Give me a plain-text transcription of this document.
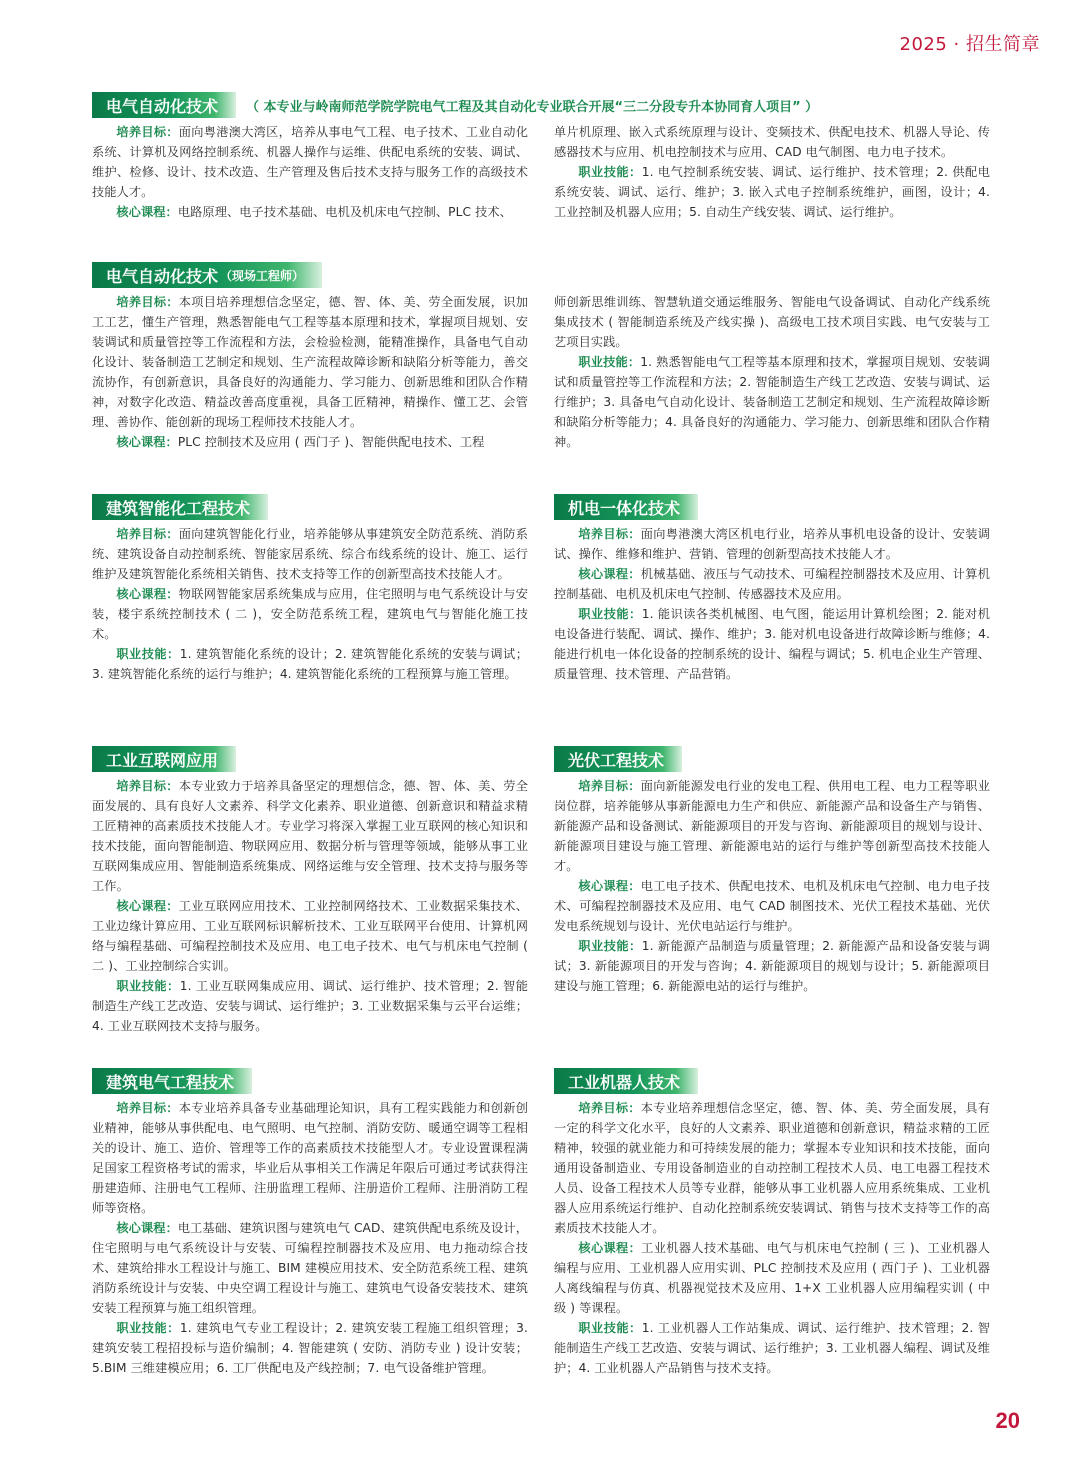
2025 · 招生简章
电气自动化技术 （ 本专业与岭南师范学院学院电气工程及其自动化专业联合开展“三二分段专升本协同育人项目” ）

培养目标：面向粤港澳大湾区，培养从事电气工程、电子技术、工业自动化系统、计算机及网络控制系统、机器人操作与运维、供配电系统的安装、调试、维护、检修、设计、技术改造、生产管理及售后技术支持与服务工作的高级技术技能人才。

核心课程：电路原理、电子技术基础、电机及机床电气控制、PLC 技术、

单片机原理、嵌入式系统原理与设计、变频技术、供配电技术、机器人导论、传感器技术与应用、机电控制技术与应用、CAD 电气制图、电力电子技术。

职业技能：1. 电气控制系统安装、调试、运行维护、技术管理；2. 供配电系统安装、调试、运行、维护；3. 嵌入式电子控制系统维护，画图，设计；4. 工业控制及机器人应用；5. 自动生产线安装、调试、运行维护。

电气自动化技术 （现场工程师）

培养目标：本项目培养理想信念坚定，德、智、体、美、劳全面发展，识加工工艺，懂生产管理，熟悉智能电气工程等基本原理和技术，掌握项目规划、安装调试和质量管控等工作流程和方法，会检验检测，能精准操作，具备电气自动化设计、装备制造工艺制定和规划、生产流程故障诊断和缺陷分析等能力，善交流协作，有创新意识，具备良好的沟通能力、学习能力、创新思维和团队合作精神，对数字化改造、精益改善高度重视，具备工匠精神，精操作、懂工艺、会管理、善协作、能创新的现场工程师技术技能人才。

核心课程：PLC 控制技术及应用 ( 西门子 )、智能供配电技术、工程

师创新思维训练、智慧轨道交通运维服务、智能电气设备调试、自动化产线系统集成技术 ( 智能制造系统及产线实操 )、高级电工技术项目实践、电气安装与工艺项目实践。

职业技能：1. 熟悉智能电气工程等基本原理和技术，掌握项目规划、安装调试和质量管控等工作流程和方法；2. 智能制造生产线工艺改造、安装与调试、运行维护；3. 具备电气自动化设计、装备制造工艺制定和规划、生产流程故障诊断和缺陷分析等能力；4. 具备良好的沟通能力、学习能力、创新思维和团队合作精神。

建筑智能化工程技术	机电一体化技术

培养目标：面向建筑智能化行业，培养能够从事建筑安全防范系统、消防系统、建筑设备自动控制系统、智能家居系统、综合布线系统的设计、施工、运行维护及建筑智能化系统相关销售、技术支持等工作的创新型高技术技能人才。

核心课程：物联网智能家居系统集成与应用，住宅照明与电气系统设计与安装，楼宇系统控制技术 ( 二 )，安全防范系统工程，建筑电气与智能化施工技术。

职业技能：1. 建筑智能化系统的设计；2. 建筑智能化系统的安装与调试；3. 建筑智能化系统的运行与维护；4. 建筑智能化系统的工程预算与施工管理。

培养目标：面向粤港澳大湾区机电行业，培养从事机电设备的设计、安装调试、操作、维修和维护、营销、管理的创新型高技术技能人才。

核心课程：机械基础、液压与气动技术、可编程控制器技术及应用、计算机控制基础、电机及机床电气控制、传感器技术及应用。

职业技能：1. 能识读各类机械图、电气图，能运用计算机绘图；2. 能对机电设备进行装配、调试、操作、维护；3. 能对机电设备进行故障诊断与维修；4. 能进行机电一体化设备的控制系统的设计、编程与调试；5. 机电企业生产管理、质量管理、技术管理、产品营销。

工业互联网应用	光伏工程技术

培养目标：本专业致力于培养具备坚定的理想信念，德、智、体、美、劳全面发展的、具有良好人文素养、科学文化素养、职业道德、创新意识和精益求精工匠精神的高素质技术技能人才。专业学习将深入掌握工业互联网的核心知识和技术技能，面向智能制造、物联网应用、数据分析与管理等领域，能够从事工业互联网集成应用、智能制造系统集成、网络运维与安全管理、技术支持与服务等工作。

核心课程：工业互联网应用技术、工业控制网络技术、工业数据采集技术、工业边缘计算应用、工业互联网标识解析技术、工业互联网平台使用、计算机网络与编程基础、可编程控制技术及应用、电工电子技术、电气与机床电气控制 ( 二 )、工业控制综合实训。

职业技能：1. 工业互联网集成应用、调试、运行维护、技术管理；2. 智能制造生产线工艺改造、安装与调试、运行维护；3. 工业数据采集与云平台运维；4. 工业互联网技术支持与服务。

培养目标：面向新能源发电行业的发电工程、供用电工程、电力工程等职业岗位群，培养能够从事新能源电力生产和供应、新能源产品和设备生产与销售、新能源产品和设备测试、新能源项目的开发与咨询、新能源项目的规划与设计、新能源项目建设与施工管理、新能源电站的运行与维护等创新型高技术技能人才。

核心课程：电工电子技术、供配电技术、电机及机床电气控制、电力电子技术、可编程控制器技术及应用、电气 CAD 制图技术、光伏工程技术基础、光伏发电系统规划与设计、光伏电站运行与维护。

职业技能：1. 新能源产品制造与质量管理；2. 新能源产品和设备安装与调试；3. 新能源项目的开发与咨询；4. 新能源项目的规划与设计；5. 新能源项目建设与施工管理；6. 新能源电站的运行与维护。

建筑电气工程技术	工业机器人技术

培养目标：本专业培养具备专业基础理论知识，具有工程实践能力和创新创业精神，能够从事供配电、电气照明、电气控制、消防安防、暖通空调等工程相关的设计、施工、造价、管理等工作的高素质技术技能型人才。专业设置课程满足国家工程资格考试的需求，毕业后从事相关工作满足年限后可通过考试获得注册建造师、注册电气工程师、注册监理工程师、注册造价工程师、注册消防工程师等资格。

核心课程：电工基础、建筑识图与建筑电气 CAD、建筑供配电系统及设计，住宅照明与电气系统设计与安装、可编程控制器技术及应用、电力拖动综合技术、建筑给排水工程设计与施工、BIM 建模应用技术、安全防范系统工程、建筑消防系统设计与安装、中央空调工程设计与施工、建筑电气设备安装技术、建筑安装工程预算与施工组织管理。

职业技能：1. 建筑电气专业工程设计；2. 建筑安装工程施工组织管理；3. 建筑安装工程招投标与造价编制；4. 智能建筑 ( 安防、消防专业 ) 设计安装；5.BIM 三维建模应用；6. 工厂供配电及产线控制；7. 电气设备维护管理。

培养目标：本专业培养理想信念坚定，德、智、体、美、劳全面发展，具有一定的科学文化水平，良好的人文素养、职业道德和创新意识，精益求精的工匠精神，较强的就业能力和可持续发展的能力；掌握本专业知识和技术技能，面向通用设备制造业、专用设备制造业的自动控制工程技术人员、电工电器工程技术人员、设备工程技术人员等专业群，能够从事工业机器人应用系统集成、工业机器人应用系统运行维护、自动化控制系统安装调试、销售与技术支持等工作的高素质技术技能人才。

核心课程：工业机器人技术基础、电气与机床电气控制 ( 三 )、工业机器人编程与应用、工业机器人应用实训、PLC 控制技术及应用 ( 西门子 )、工业机器人离线编程与仿真、机器视觉技术及应用、1+X 工业机器人应用编程实训 ( 中级 ) 等课程。

职业技能：1. 工业机器人工作站集成、调试、运行维护、技术管理；2. 智能制造生产线工艺改造、安装与调试、运行维护；3. 工业机器人编程、调试及维护；4. 工业机器人产品销售与技术支持。

20
